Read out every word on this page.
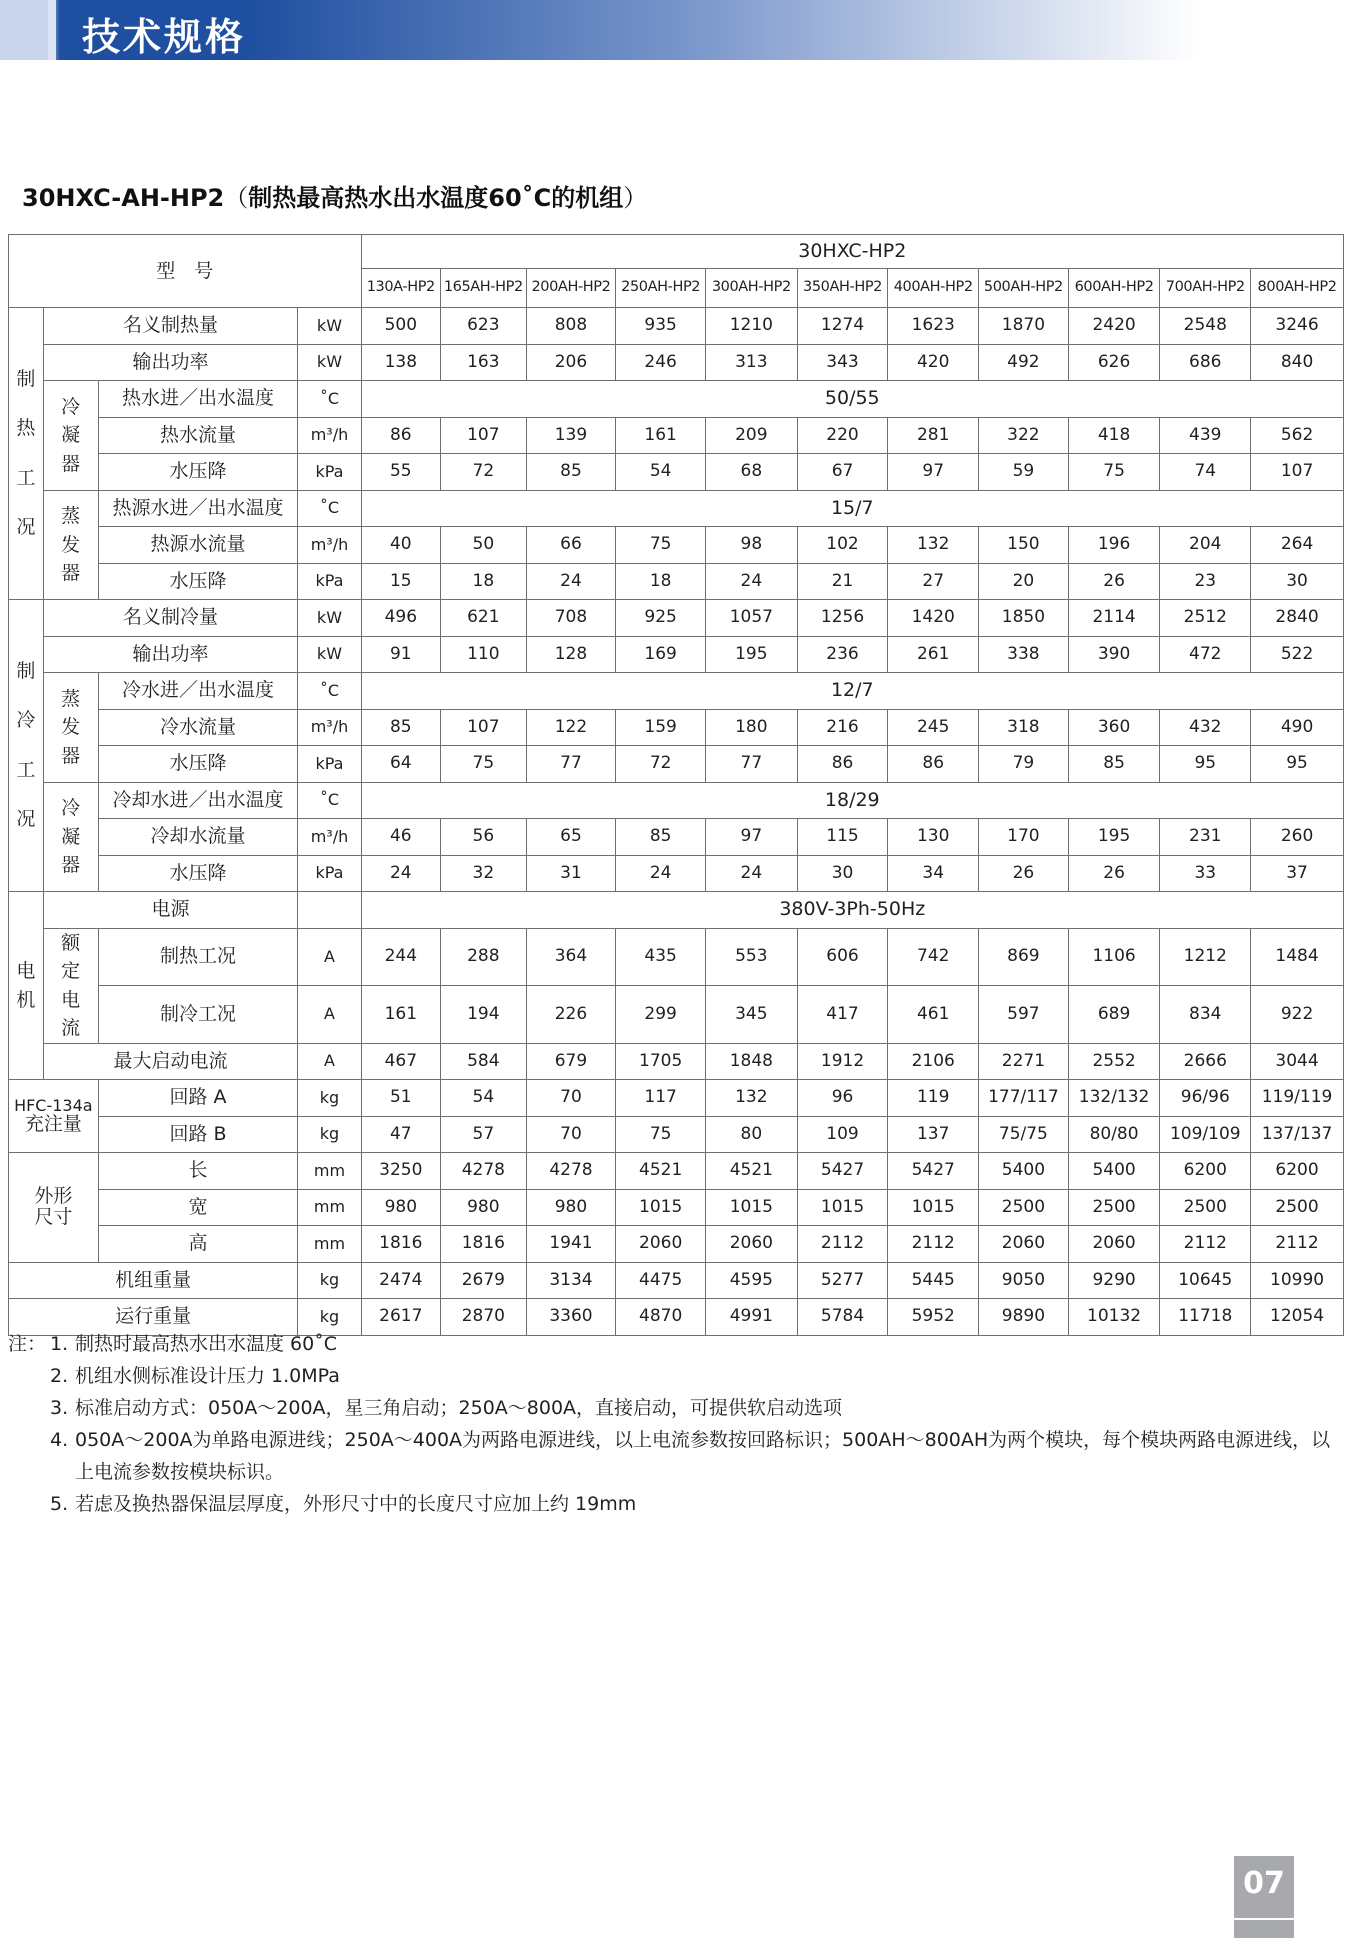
技术规格
30HXC-AH-HP2（制热最高热水出水温度60˚C的机组）
型　号				30HXC-HP2										
				130A-HP2	165AH-HP2	200AH-HP2	250AH-HP2	300AH-HP2	350AH-HP2	400AH-HP2	500AH-HP2	600AH-HP2	700AH-HP2	800AH-HP2

制
热
工
况	名义制热量		kW	500	623	808	935	1210	1274	1623	1870	2420	2548	3246
	输出功率		kW	138	163	206	246	313	343	420	492	626	686	840

	冷
凝
器	热水进／出水温度	˚C	50/55										
		热水流量	m³/h	86	107	139	161	209	220	281	322	418	439	562
		水压降	kPa	55	72	85	54	68	67	97	59	75	74	107

	蒸
发
器	热源水进／出水温度	˚C	15/7										
		热源水流量	m³/h	40	50	66	75	98	102	132	150	196	204	264
		水压降	kPa	15	18	24	18	24	21	27	20	26	23	30

制
冷
工
况	名义制冷量		kW	496	621	708	925	1057	1256	1420	1850	2114	2512	2840
	输出功率		kW	91	110	128	169	195	236	261	338	390	472	522

	蒸
发
器	冷水进／出水温度	˚C	12/7										
		冷水流量	m³/h	85	107	122	159	180	216	245	318	360	432	490
		水压降	kPa	64	75	77	72	77	86	86	79	85	95	95

	冷
凝
器	冷却水进／出水温度	˚C	18/29										
		冷却水流量	m³/h	46	56	65	85	97	115	130	170	195	231	260
		水压降	kPa	24	32	31	24	24	30	34	26	26	33	37

电
机	电源			380V-3Ph-50Hz										

	额
定
电
流	制热工况	A	244	288	364	435	553	606	742	869	1106	1212	1484
		制冷工况	A	161	194	226	299	345	417	461	597	689	834	922
	最大启动电流		A	467	584	679	1705	1848	1912	2106	2271	2552	2666	3044

HFC-134a
充注量		回路 A	kg	51	54	70	117	132	96	119	177/117	132/132	96/96	119/119
		回路 B	kg	47	57	70	75	80	109	137	75/75	80/80	109/109	137/137

外形
尺寸		长	mm	3250	4278	4278	4521	4521	5427	5427	5400	5400	6200	6200
		宽	mm	980	980	980	1015	1015	1015	1015	2500	2500	2500	2500
		高	mm	1816	1816	1941	2060	2060	2112	2112	2060	2060	2112	2112
机组重量			kg	2474	2679	3134	4475	4595	5277	5445	9050	9290	10645	10990
运行重量			kg	2617	2870	3360	4870	4991	5784	5952	9890	10132	11718	12054
注： 1. 制热时最高热水出水温度 60˚C
2. 机组水侧标准设计压力 1.0MPa
3. 标准启动方式：050A～200A，星三角启动；250A～800A，直接启动，可提供软启动选项
4. 050A～200A为单路电源进线；250A～400A为两路电源进线，以上电流参数按回路标识；500AH～800AH为两个模块，每个模块两路电源进线，以上电流参数按模块标识。
5. 若虑及换热器保温层厚度，外形尺寸中的长度尺寸应加上约 19mm
07
